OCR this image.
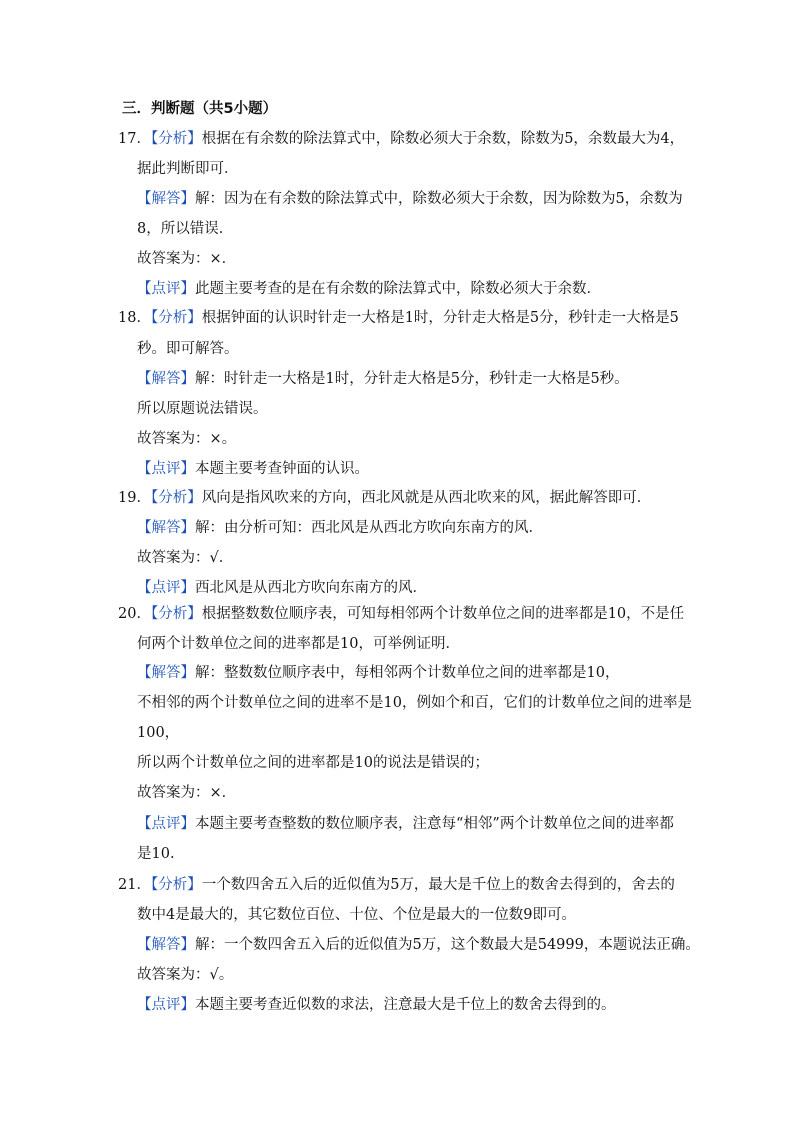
三．判断题（共5小题）
17．【分析】根据在有余数的除法算式中，除数必须大于余数，除数为5，余数最大为4，
据此判断即可．
【解答】解：因为在有余数的除法算式中，除数必须大于余数，因为除数为5，余数为
8，所以错误．
故答案为：×．
【点评】此题主要考查的是在有余数的除法算式中，除数必须大于余数．
18．【分析】根据钟面的认识时针走一大格是1时，分针走大格是5分，秒针走一大格是5
秒。即可解答。
【解答】解：时针走一大格是1时，分针走大格是5分，秒针走一大格是5秒。
所以原题说法错误。
故答案为：×。
【点评】本题主要考查钟面的认识。
19．【分析】风向是指风吹来的方向，西北风就是从西北吹来的风，据此解答即可．
【解答】解：由分析可知：西北风是从西北方吹向东南方的风．
故答案为：√．
【点评】西北风是从西北方吹向东南方的风．
20．【分析】根据整数数位顺序表，可知每相邻两个计数单位之间的进率都是10，不是任
何两个计数单位之间的进率都是10，可举例证明．
【解答】解：整数数位顺序表中，每相邻两个计数单位之间的进率都是10，
不相邻的两个计数单位之间的进率不是10，例如个和百，它们的计数单位之间的进率是
100，
所以两个计数单位之间的进率都是10的说法是错误的；
故答案为：×．
【点评】本题主要考查整数的数位顺序表，注意每“相邻”两个计数单位之间的进率都
是10.
21．【分析】一个数四舍五入后的近似值为5万，最大是千位上的数舍去得到的，舍去的
数中4是最大的，其它数位百位、十位、个位是最大的一位数9即可。
【解答】解：一个数四舍五入后的近似值为5万，这个数最大是54999，本题说法正确。
故答案为：√。
【点评】本题主要考查近似数的求法，注意最大是千位上的数舍去得到的。
